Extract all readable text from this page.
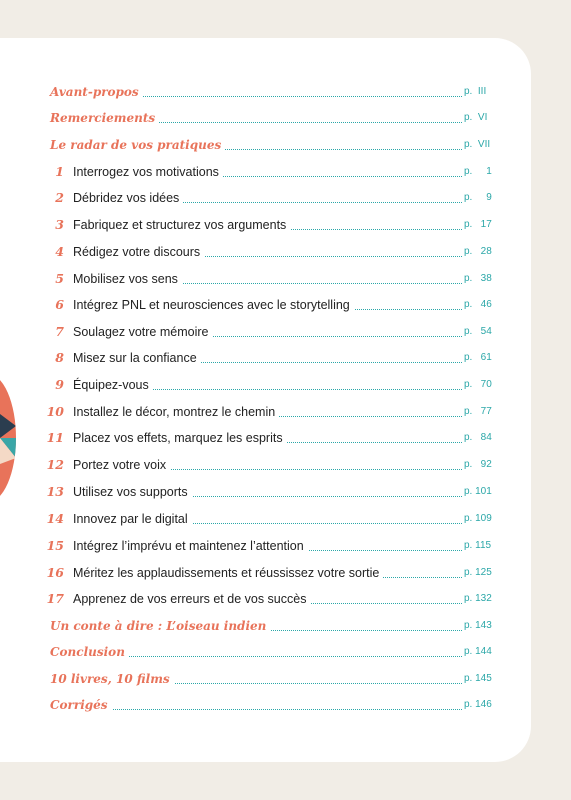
Avant-propos	p.  III
Remerciements	p.  VI
Le radar de vos pratiques	p.  VII
1 Interrogez vos motivations	p.     1
2 Débridez vos idées	p.     9
3 Fabriquez et structurez vos arguments	p.   17
4 Rédigez votre discours	p.   28
5 Mobilisez vos sens	p.   38
6 Intégrez PNL et neurosciences avec le storytelling	p.   46
7 Soulagez votre mémoire	p.   54
8 Misez sur la confiance	p.   61
9 Équipez-vous	p.   70
10 Installez le décor, montrez le chemin	p.   77
11 Placez vos effets, marquez les esprits	p.   84
12 Portez votre voix	p.   92
13 Utilisez vos supports	p. 101
14 Innovez par le digital	p. 109
15 Intégrez l’imprévu et maintenez l’attention	p. 115
16 Méritez les applaudissements et réussissez votre sortie	p. 125
17 Apprenez de vos erreurs et de vos succès	p. 132
Un conte à dire : L’oiseau indien	p. 143
Conclusion	p. 144
10 livres, 10 films	p. 145
Corrigés	p. 146
